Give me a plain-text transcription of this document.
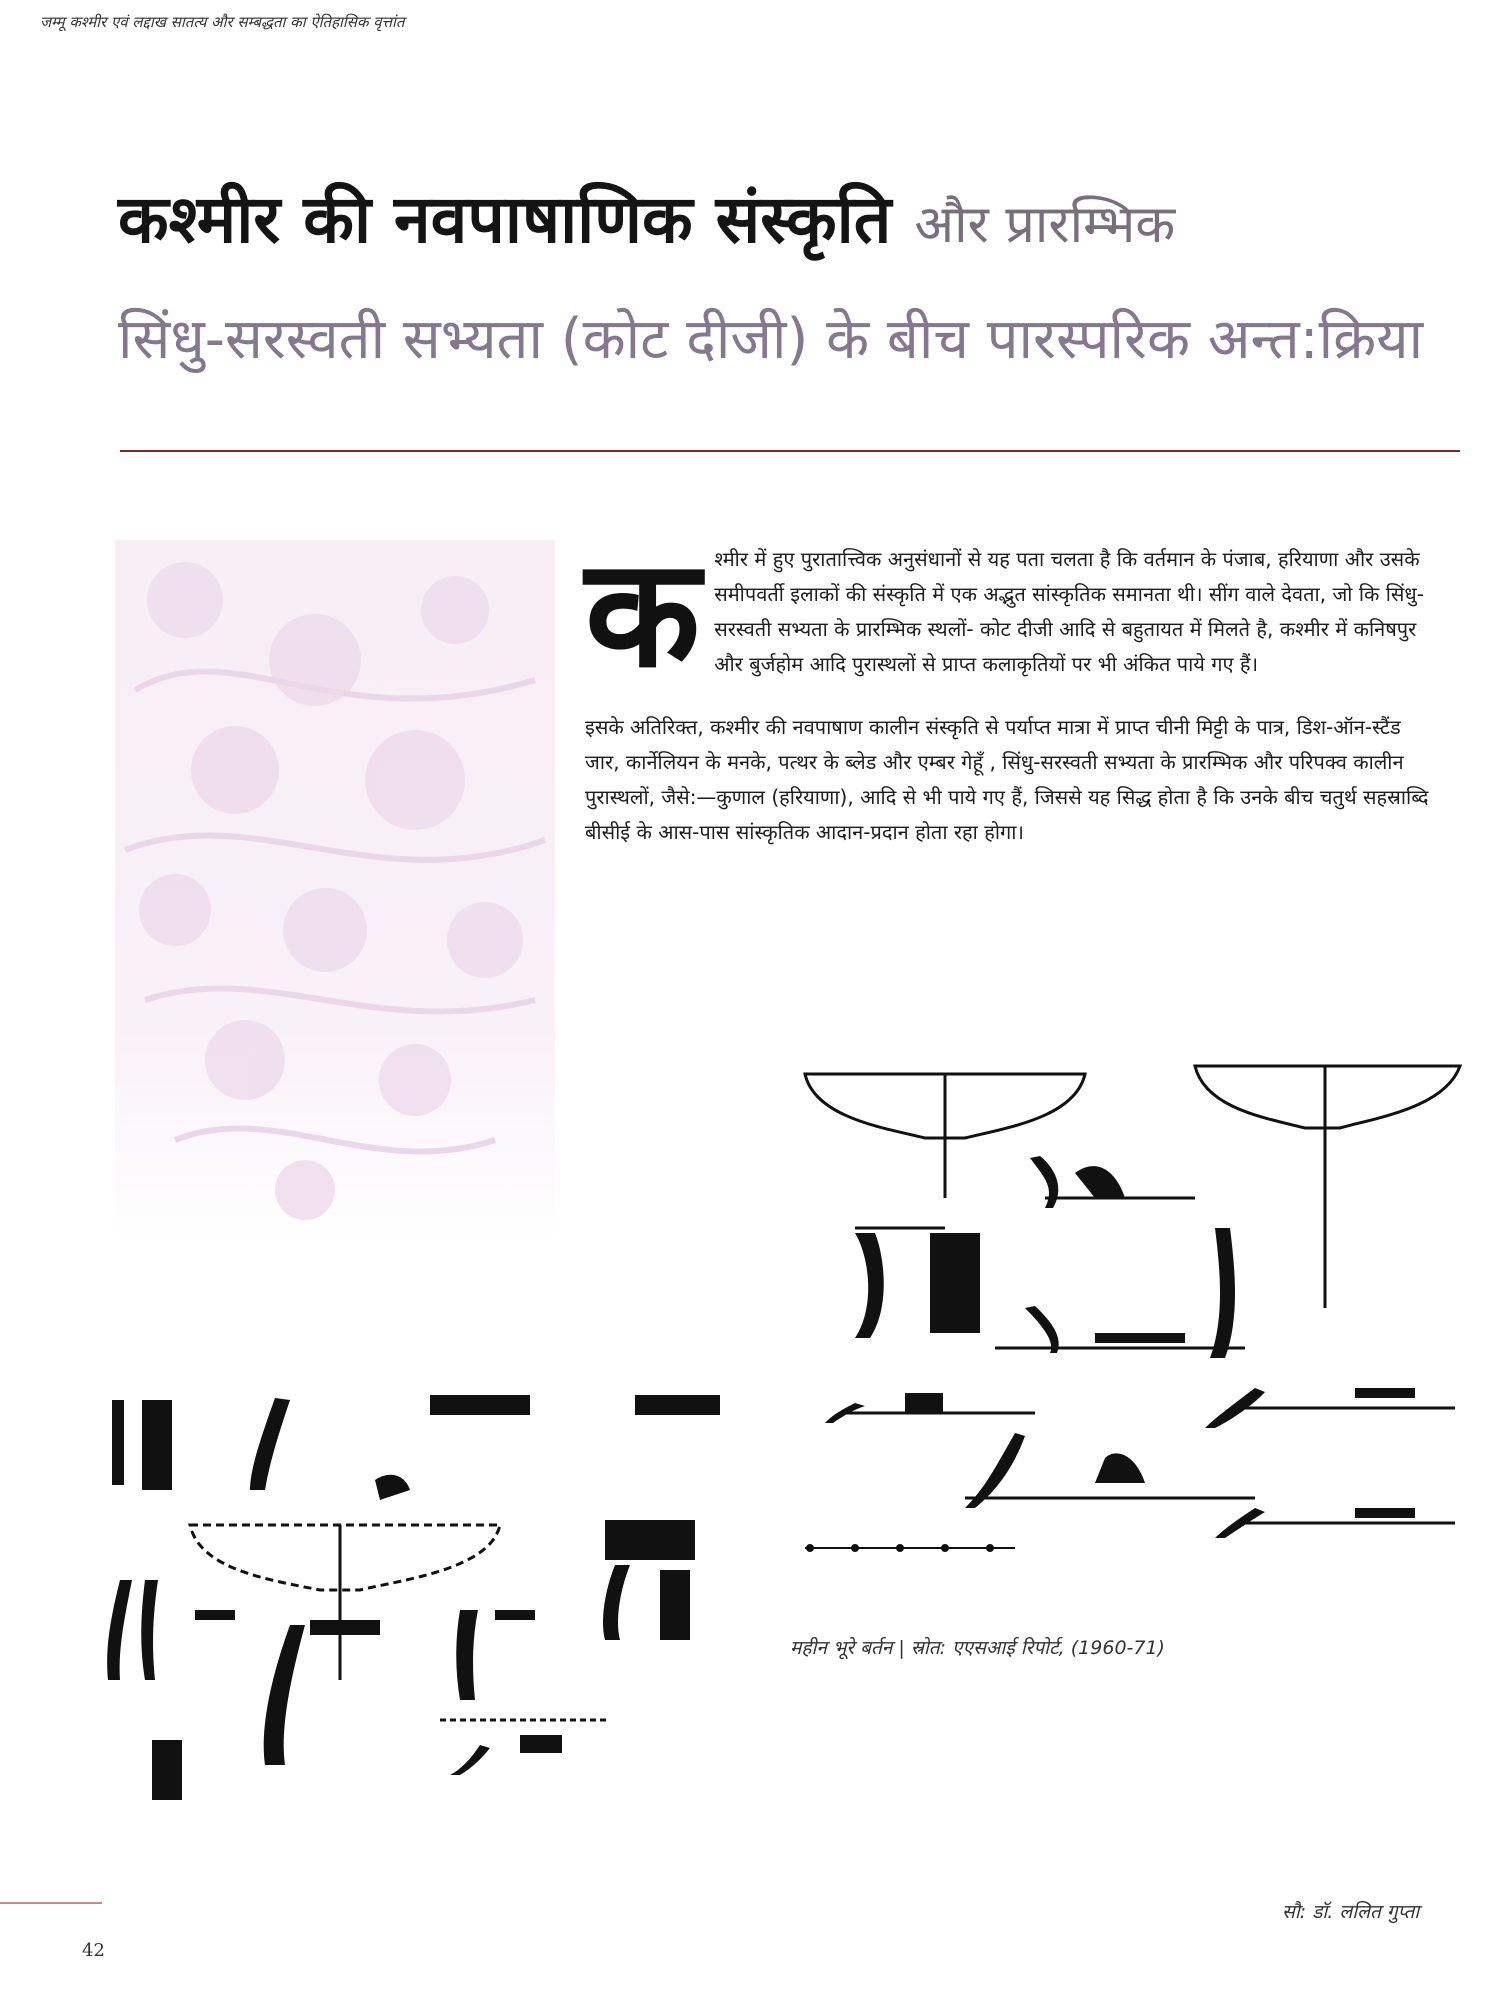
जम्मू कश्मीर एवं लद्दाख सातत्य और सम्बद्धता का ऐतिहासिक वृत्तांत
कश्मीर की नवपाषाणिक संस्कृति और प्रारम्भिक
सिंधु-सरस्वती सभ्यता (कोट दीजी) के बीच पारस्परिक अन्त:क्रिया

कश्मीर में हुए पुरातात्त्विक अनुसंधानों से यह पता चलता है कि वर्तमान के पंजाब, हरियाणा और उसके समीपवर्ती इलाकों की संस्कृति में एक अद्भुत सांस्कृतिक समानता थी। सींग वाले देवता, जो कि सिंधु-सरस्वती सभ्यता के प्रारम्भिक स्थलों- कोट दीजी आदि से बहुतायत में मिलते है, कश्मीर में कनिषपुर और बुर्जहोम आदि पुरास्थलों से प्राप्त कलाकृतियों पर भी अंकित पाये गए हैं।

इसके अतिरिक्त, कश्मीर की नवपाषाण कालीन संस्कृति से पर्याप्त मात्रा में प्राप्त चीनी मिट्टी के पात्र, डिश-ऑन-स्टैंड जार, कार्नेलियन के मनके, पत्थर के ब्लेड और एम्बर गेहूँ , सिंधु-सरस्वती सभ्यता के प्रारम्भिक और परिपक्व कालीन पुरास्थलों, जैसे:—कुणाल (हरियाणा), आदि से भी पाये गए हैं, जिससे यह सिद्ध होता है कि उनके बीच चतुर्थ सहस्राब्दि बीसीई के आस-पास सांस्कृतिक आदान-प्रदान होता रहा होगा।

महीन भूरे बर्तन | स्रोत: एएसआई रिपोर्ट, (1960-71)
42
सौ: डॉ. ललित गुप्ता
